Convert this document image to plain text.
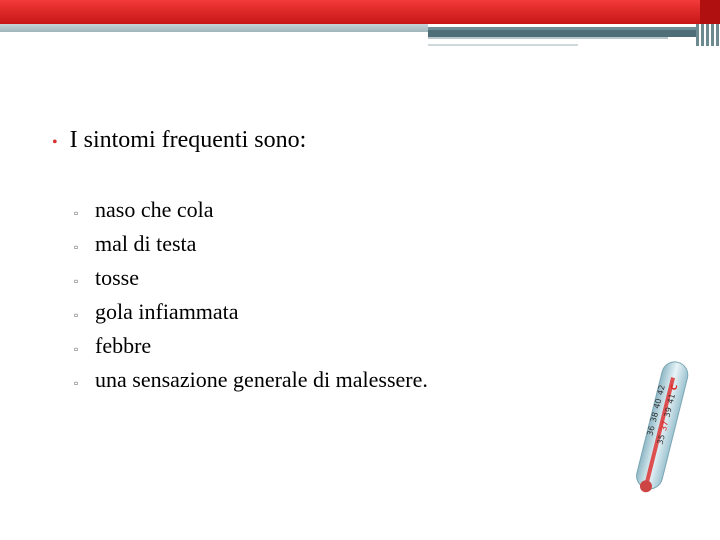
• I sintomi frequenti sono:
▫ naso che cola
▫ mal di testa
▫ tosse
▫ gola infiammata
▫ febbre
▫ una sensazione generale di malessere.	C
41
39
37
35
42
40
38
36
